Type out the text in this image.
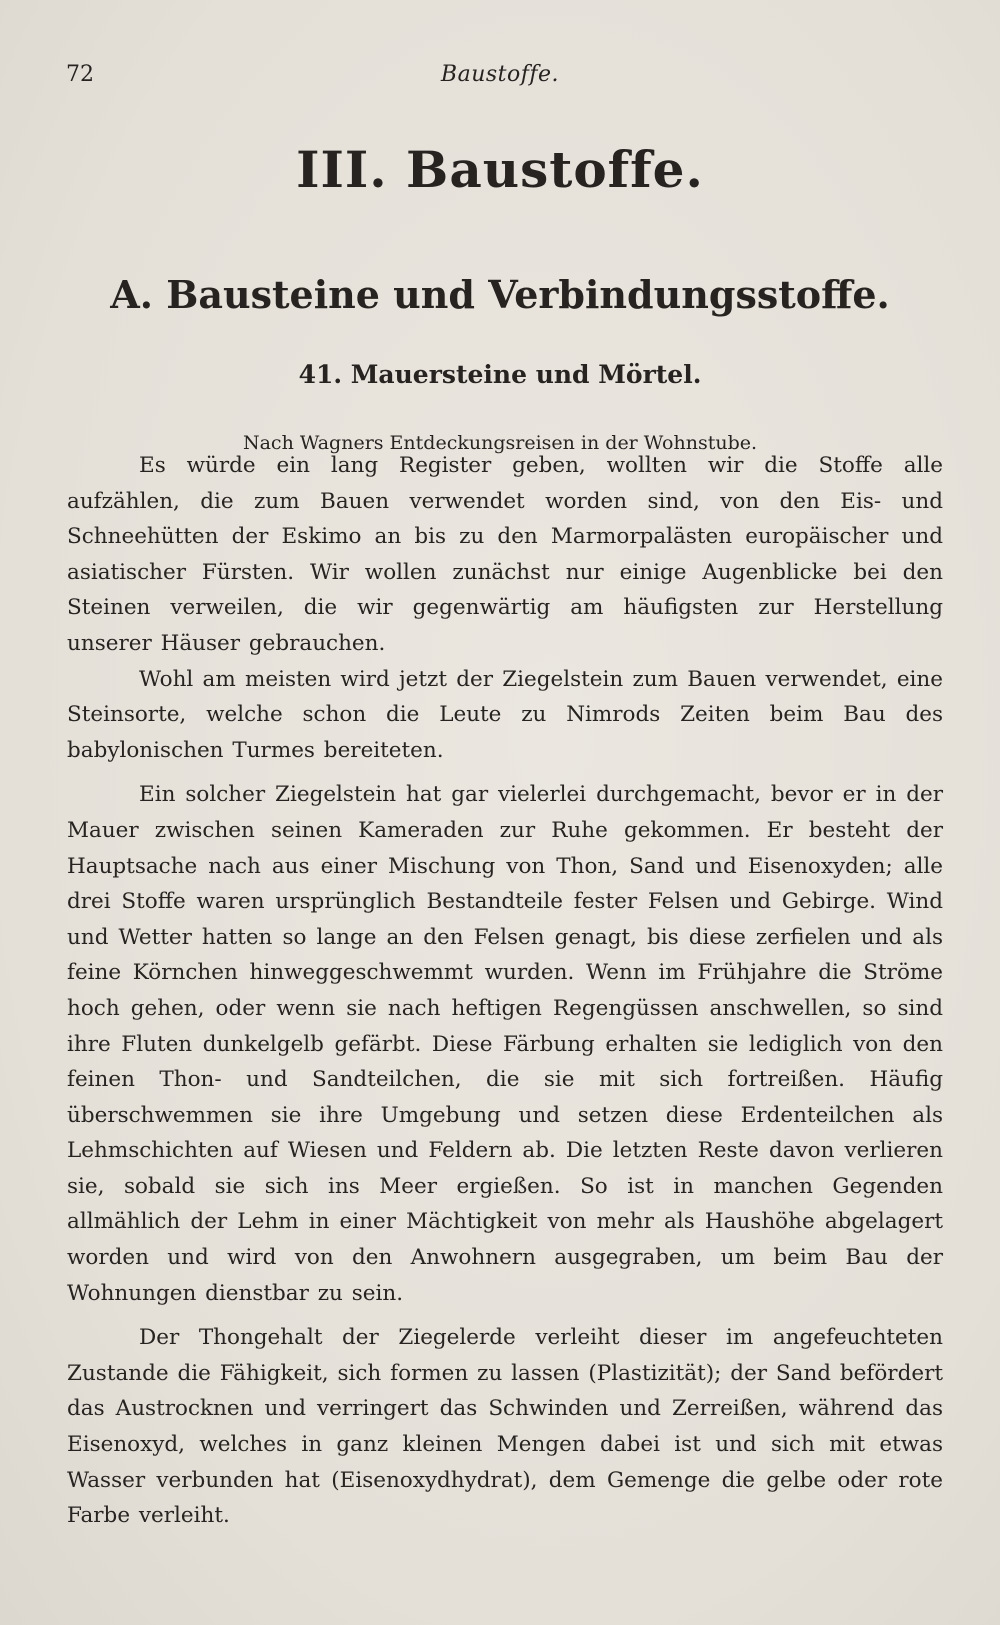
72	Baustoffe.
III. Baustoffe.
A. Bausteine und Verbindungsstoffe.
41. Mauersteine und Mörtel.
Nach Wagners Entdeckungsreisen in der Wohnstube.

Es würde ein lang Register geben, wollten wir die Stoffe alle aufzählen, die zum Bauen verwendet worden sind, von den Eis- und Schneehütten der Eskimo an bis zu den Marmorpalästen europäischer und asiatischer Fürsten. Wir wollen zunächst nur einige Augenblicke bei den Steinen verweilen, die wir gegenwärtig am häufigsten zur Herstellung unserer Häuser gebrauchen.

Wohl am meisten wird jetzt der Ziegelstein zum Bauen verwendet, eine Steinsorte, welche schon die Leute zu Nimrods Zeiten beim Bau des babylonischen Turmes bereiteten.

Ein solcher Ziegelstein hat gar vielerlei durchgemacht, bevor er in der Mauer zwischen seinen Kameraden zur Ruhe gekommen. Er besteht der Hauptsache nach aus einer Mischung von Thon, Sand und Eisenoxyden; alle drei Stoffe waren ursprünglich Bestandteile fester Felsen und Gebirge. Wind und Wetter hatten so lange an den Felsen genagt, bis diese zerfielen und als feine Körnchen hinweggeschwemmt wurden. Wenn im Frühjahre die Ströme hoch gehen, oder wenn sie nach heftigen Regengüssen anschwellen, so sind ihre Fluten dunkelgelb gefärbt. Diese Färbung erhalten sie lediglich von den feinen Thon- und Sandteilchen, die sie mit sich fortreißen. Häufig überschwemmen sie ihre Umgebung und setzen diese Erdenteilchen als Lehmschichten auf Wiesen und Feldern ab. Die letzten Reste davon verlieren sie, sobald sie sich ins Meer ergießen. So ist in manchen Gegenden allmählich der Lehm in einer Mächtigkeit von mehr als Haushöhe abgelagert worden und wird von den Anwohnern ausgegraben, um beim Bau der Wohnungen dienstbar zu sein.

Der Thongehalt der Ziegelerde verleiht dieser im angefeuchteten Zustande die Fähigkeit, sich formen zu lassen (Plastizität); der Sand befördert das Austrocknen und verringert das Schwinden und Zerreißen, während das Eisenoxyd, welches in ganz kleinen Mengen dabei ist und sich mit etwas Wasser verbunden hat (Eisenoxydhydrat), dem Gemenge die gelbe oder rote Farbe verleiht.
